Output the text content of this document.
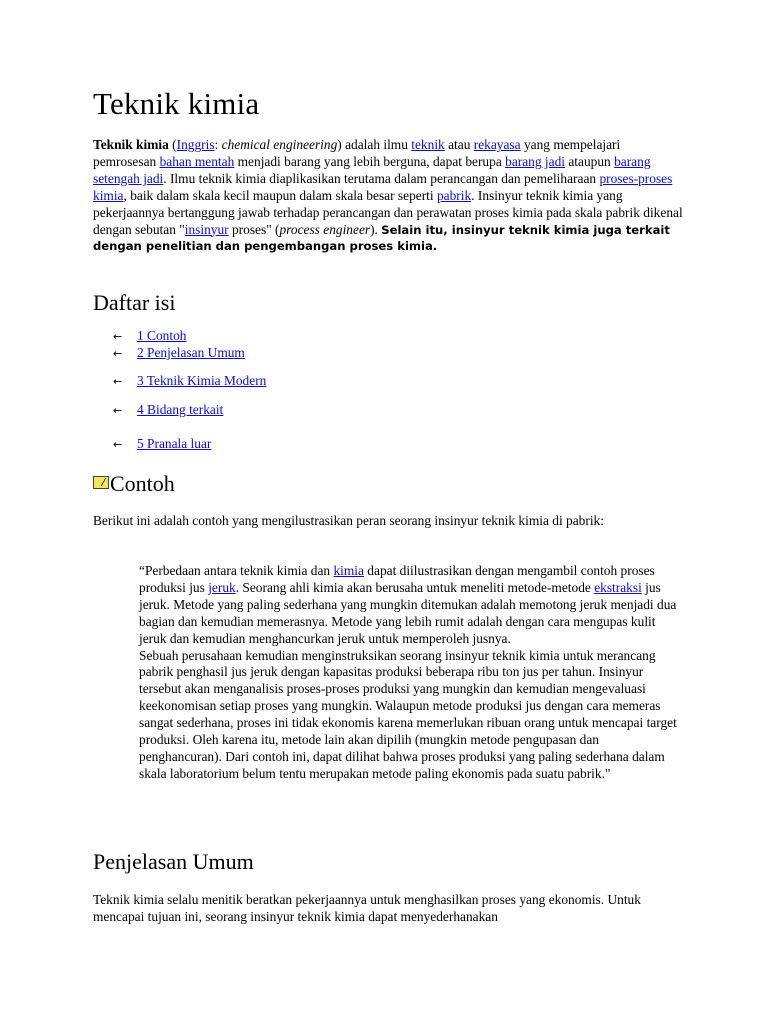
Teknik kimia
Teknik kimia (Inggris: chemical engineering) adalah ilmu teknik atau rekayasa yang mempelajari pemrosesan bahan mentah menjadi barang yang lebih berguna, dapat berupa barang jadi ataupun barang setengah jadi. Ilmu teknik kimia diaplikasikan terutama dalam perancangan dan pemeliharaan proses-proses kimia, baik dalam skala kecil maupun dalam skala besar seperti pabrik. Insinyur teknik kimia yang pekerjaannya bertanggung jawab terhadap perancangan dan perawatan proses kimia pada skala pabrik dikenal dengan sebutan "insinyur proses" (process engineer). Selain itu, insinyur teknik kimia juga terkait dengan penelitian dan pengembangan proses kimia.
Daftar isi
← 1 Contoh
← 2 Penjelasan Umum
← 3 Teknik Kimia Modern
← 4 Bidang terkait
← 5 Pranala luar
Contoh
Berikut ini adalah contoh yang mengilustrasikan peran seorang insinyur teknik kimia di pabrik:
“Perbedaan antara teknik kimia dan kimia dapat diilustrasikan dengan mengambil contoh proses produksi jus jeruk. Seorang ahli kimia akan berusaha untuk meneliti metode-metode ekstraksi jus jeruk. Metode yang paling sederhana yang mungkin ditemukan adalah memotong jeruk menjadi dua bagian dan kemudian memerasnya. Metode yang lebih rumit adalah dengan cara mengupas kulit jeruk dan kemudian menghancurkan jeruk untuk memperoleh jusnya.
Sebuah perusahaan kemudian menginstruksikan seorang insinyur teknik kimia untuk merancang pabrik penghasil jus jeruk dengan kapasitas produksi beberapa ribu ton jus per tahun. Insinyur tersebut akan menganalisis proses-proses produksi yang mungkin dan kemudian mengevaluasi keekonomisan setiap proses yang mungkin. Walaupun metode produksi jus dengan cara memeras sangat sederhana, proses ini tidak ekonomis karena memerlukan ribuan orang untuk mencapai target produksi. Oleh karena itu, metode lain akan dipilih (mungkin metode pengupasan dan penghancuran). Dari contoh ini, dapat dilihat bahwa proses produksi yang paling sederhana dalam skala laboratorium belum tentu merupakan metode paling ekonomis pada suatu pabrik."
Penjelasan Umum
Teknik kimia selalu menitik beratkan pekerjaannya untuk menghasilkan proses yang ekonomis. Untuk mencapai tujuan ini, seorang insinyur teknik kimia dapat menyederhanakan
